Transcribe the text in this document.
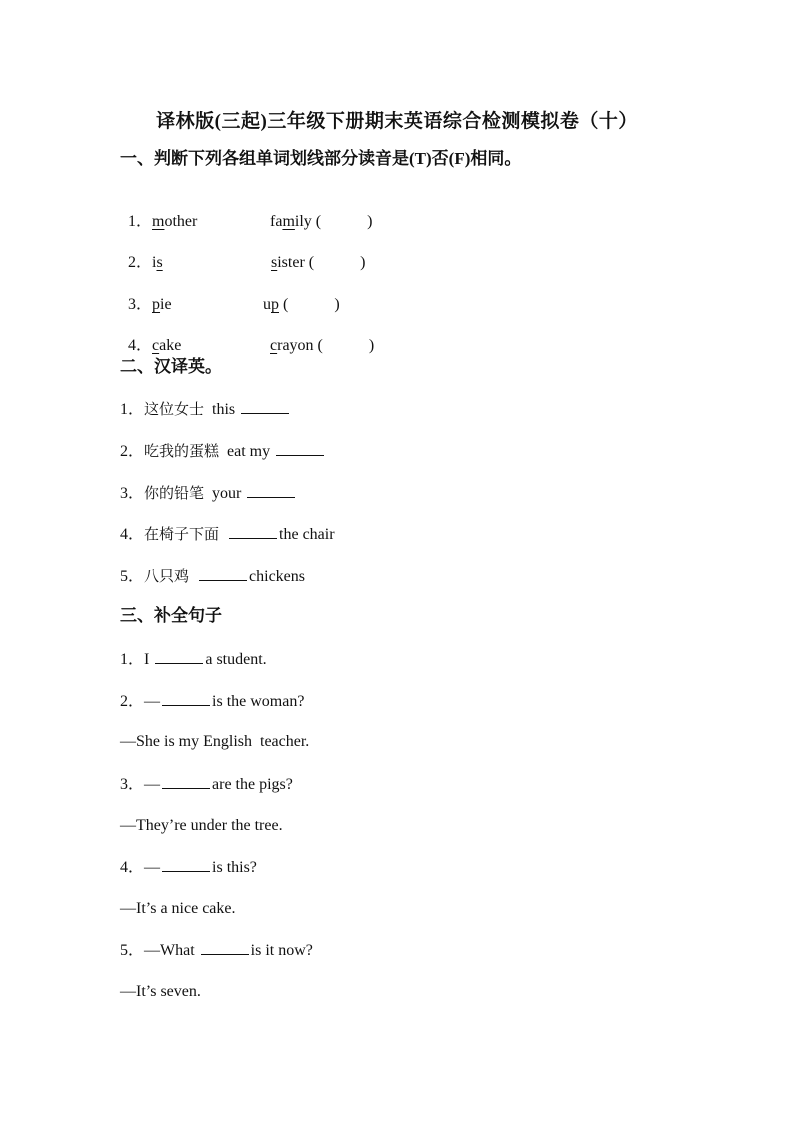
译林版(三起)三年级下册期末英语综合检测模拟卷（十）
一、判断下列各组单词划线部分读音是(T)否(F)相同。

1．mother	family (	)

2．is	sister (	)

3．pie	up (	)

4．cake	crayon (	)

二、汉译英。
1．这位女士 this
2．吃我的蛋糕 eat my
3．你的铅笔 your
4．在椅子下面	the chair
5．八只鸡	chickens
三、补全句子
1．I	a student.
2．—	is the woman?
—She is my English  teacher.
3．—	are the pigs?
—They’re under the tree.
4．—	is this?
—It’s a nice cake.
5．—What	is it now?
—It’s seven.
